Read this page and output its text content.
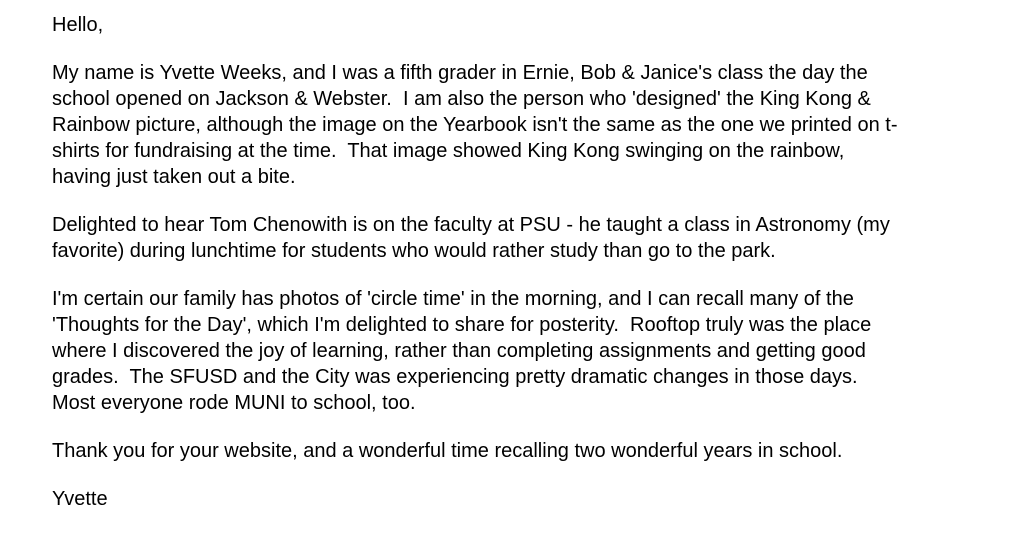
Hello,

My name is Yvette Weeks, and I was a fifth grader in Ernie, Bob & Janice's class the day the
school opened on Jackson & Webster.  I am also the person who 'designed' the King Kong &
Rainbow picture, although the image on the Yearbook isn't the same as the one we printed on t-
shirts for fundraising at the time.  That image showed King Kong swinging on the rainbow,
having just taken out a bite.

Delighted to hear Tom Chenowith is on the faculty at PSU - he taught a class in Astronomy (my
favorite) during lunchtime for students who would rather study than go to the park.

I'm certain our family has photos of 'circle time' in the morning, and I can recall many of the
'Thoughts for the Day', which I'm delighted to share for posterity.  Rooftop truly was the place
where I discovered the joy of learning, rather than completing assignments and getting good
grades.  The SFUSD and the City was experiencing pretty dramatic changes in those days.
Most everyone rode MUNI to school, too.

Thank you for your website, and a wonderful time recalling two wonderful years in school.

Yvette
